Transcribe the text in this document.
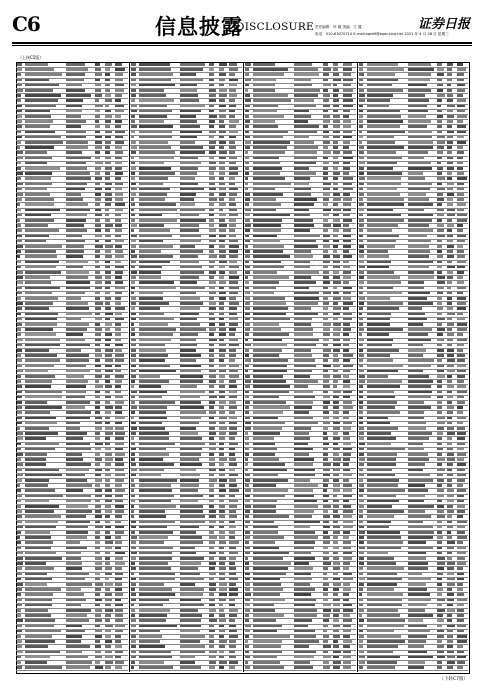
C6	信息披露
DISCLOSURE 责任编辑：叶 颖 美编：王 健
电话：010-63070710 E-mail:zqrb9@zqrb.sina.net 2021 年 4 月 28 日 星期三
证券日报
（上接C5版）
（下转C7版）
